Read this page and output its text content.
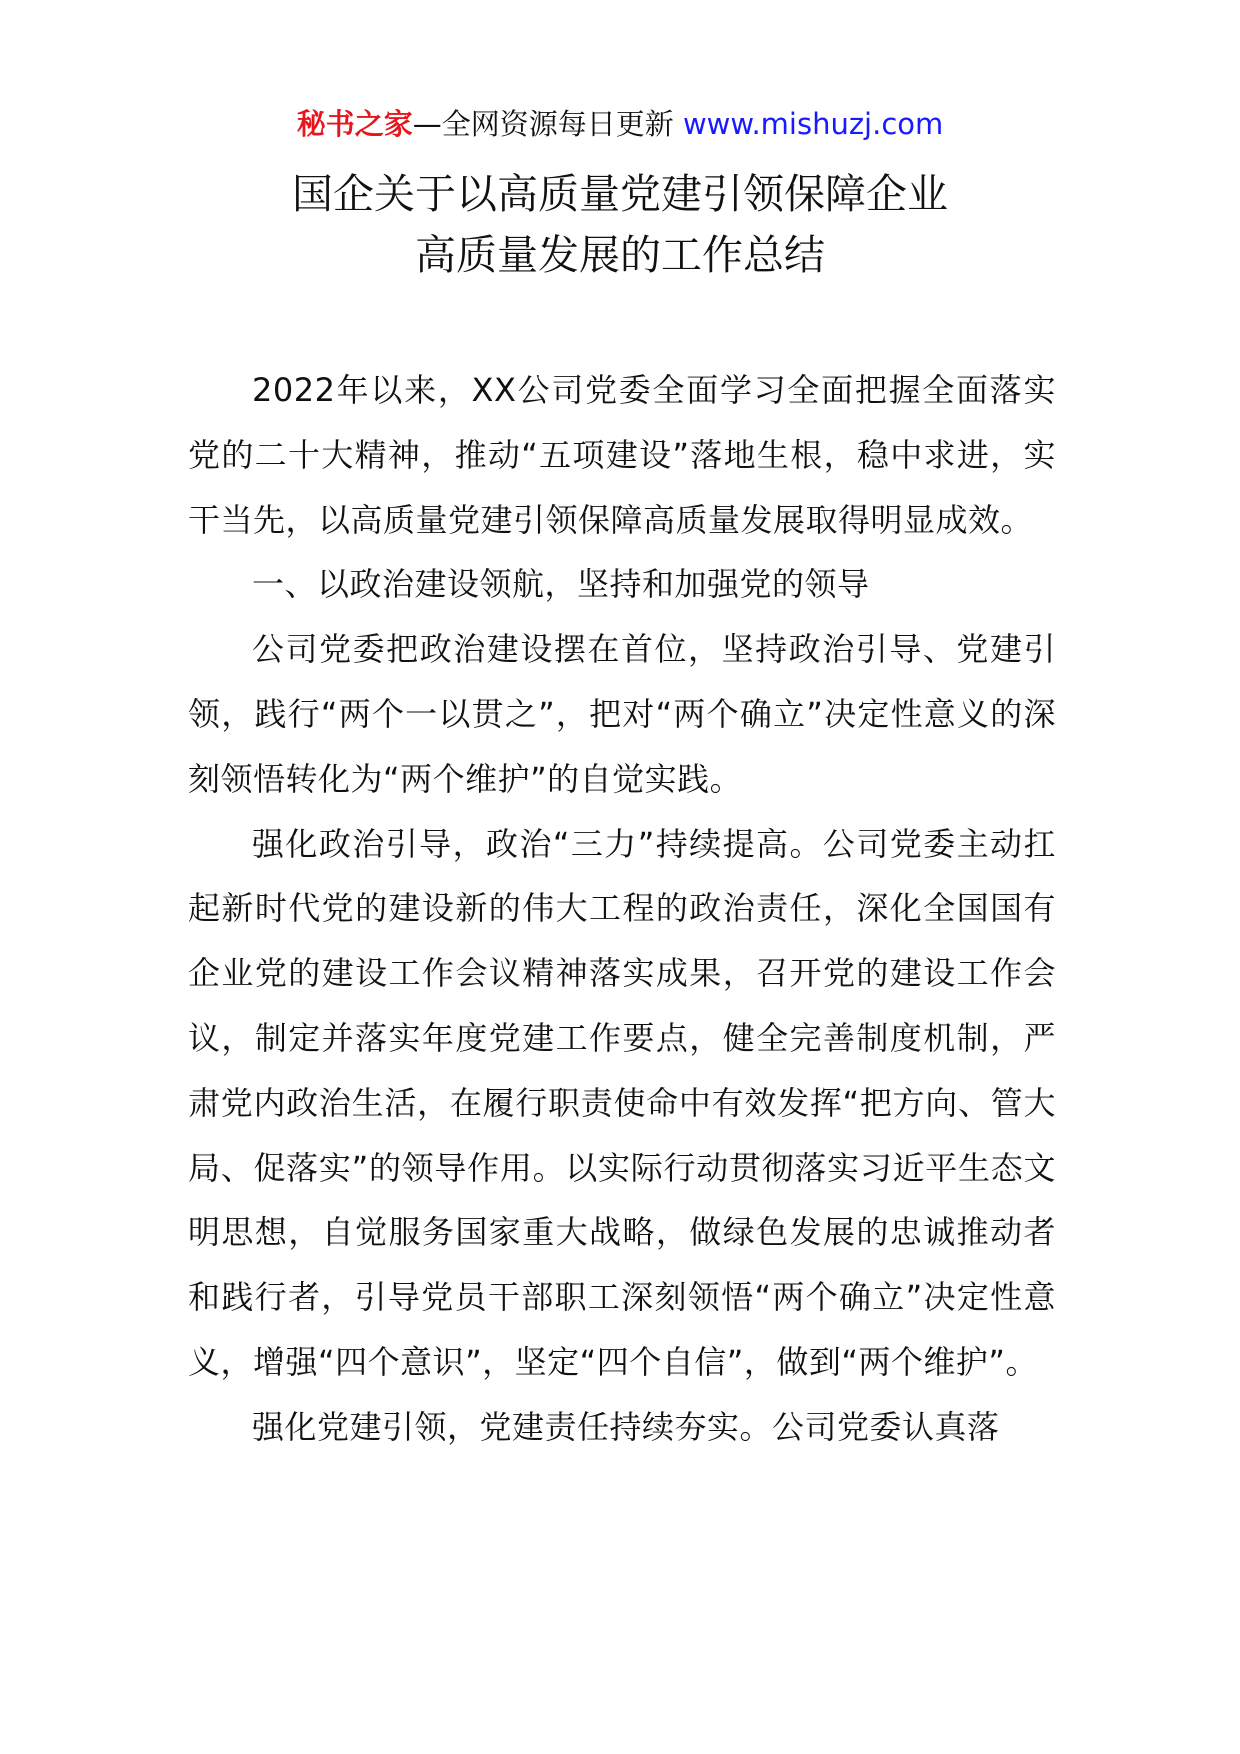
秘书之家—全网资源每日更新 www.mishuzj.com
国企关于以高质量党建引领保障企业
高质量发展的工作总结

2022年以来，XX公司党委全面学习全面把握全面落实党的二十大精神，推动“五项建设”落地生根，稳中求进，实干当先，以高质量党建引领保障高质量发展取得明显成效。

一、以政治建设领航，坚持和加强党的领导

公司党委把政治建设摆在首位，坚持政治引导、党建引领，践行“两个一以贯之”，把对“两个确立”决定性意义的深刻领悟转化为“两个维护”的自觉实践。

强化政治引导，政治“三力”持续提高。公司党委主动扛起新时代党的建设新的伟大工程的政治责任，深化全国国有企业党的建设工作会议精神落实成果，召开党的建设工作会议，制定并落实年度党建工作要点，健全完善制度机制，严肃党内政治生活，在履行职责使命中有效发挥“把方向、管大局、促落实”的领导作用。以实际行动贯彻落实习近平生态文明思想，自觉服务国家重大战略，做绿色发展的忠诚推动者和践行者，引导党员干部职工深刻领悟“两个确立”决定性意义，增强“四个意识”，坚定“四个自信”，做到“两个维护”。

强化党建引领，党建责任持续夯实。公司党委认真落
